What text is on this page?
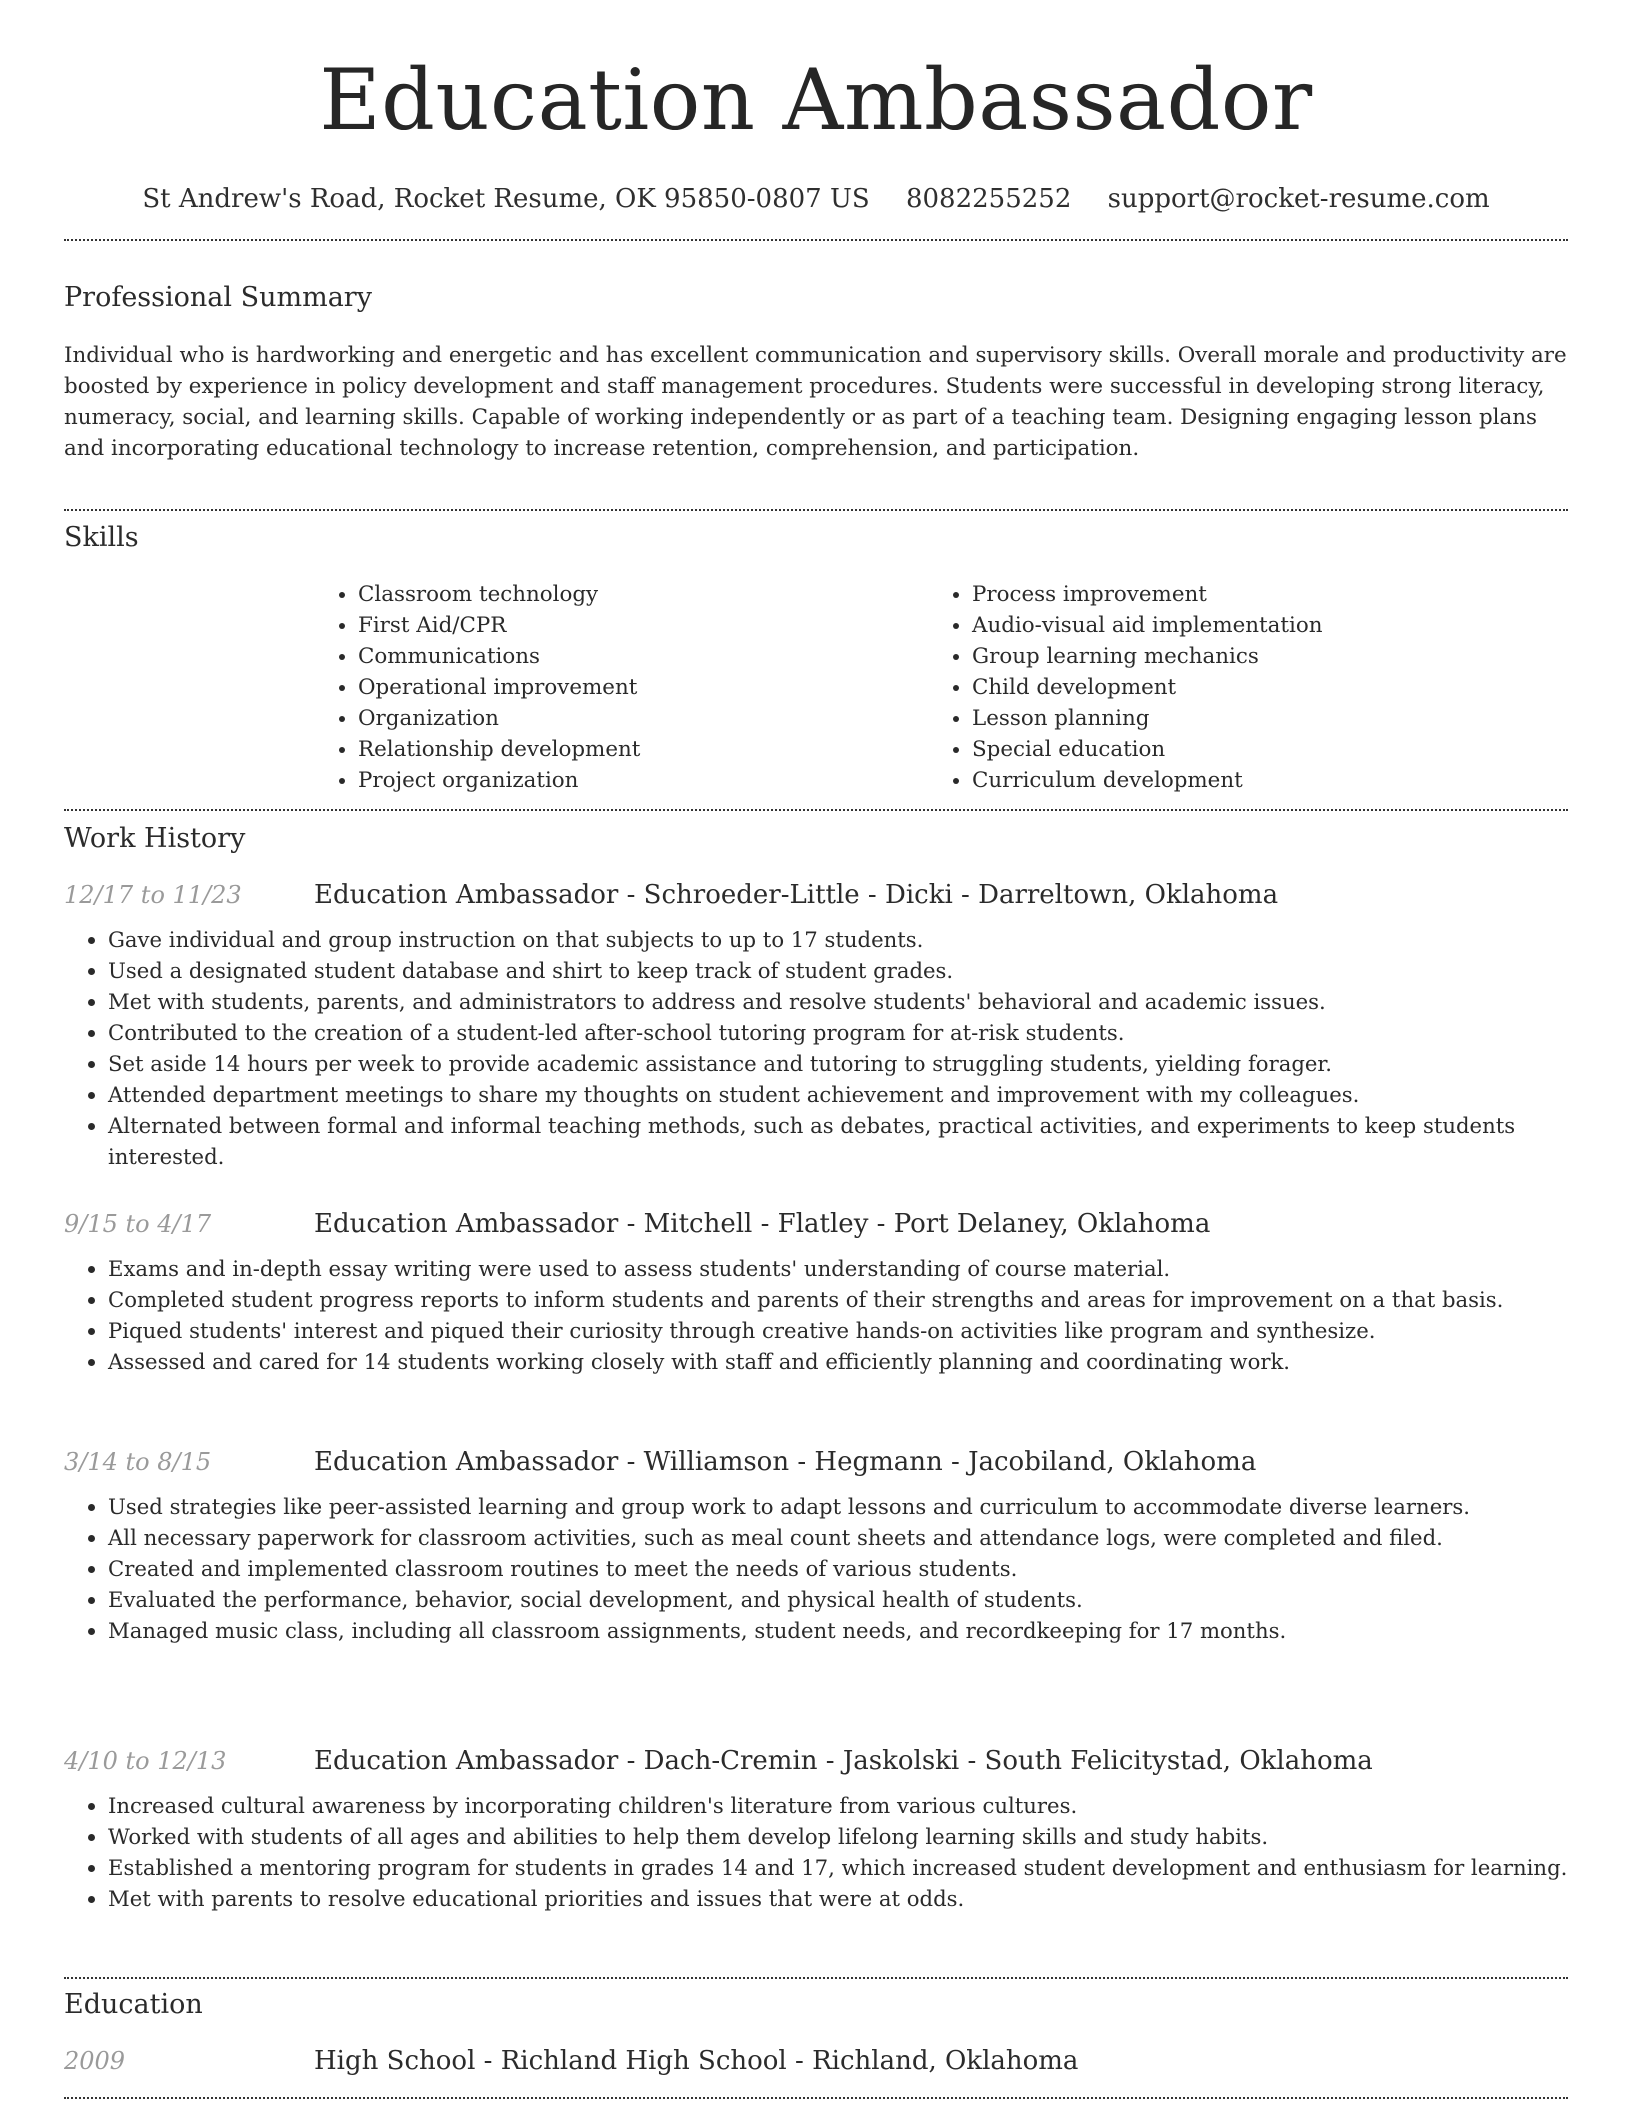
Education Ambassador
St Andrew's Road, Rocket Resume, OK 95850-0807 US 8082255252 support@rocket-resume.com
Professional Summary

Individual who is hardworking and energetic and has excellent communication and supervisory skills. Overall morale and productivity are boosted by experience in policy development and staff management procedures. Students were successful in developing strong literacy, numeracy, social, and learning skills. Capable of working independently or as part of a teaching team. Designing engaging lesson plans and incorporating educational technology to increase retention, comprehension, and participation.

Skills
• Classroom technology
• First Aid/CPR
• Communications
• Operational improvement
• Organization
• Relationship development
• Project organization
• Process improvement
• Audio-visual aid implementation
• Group learning mechanics
• Child development
• Lesson planning
• Special education
• Curriculum development
Work History
12/17 to 11/23	Education Ambassador - Schroeder-Little - Dicki - Darreltown, Oklahoma
• Gave individual and group instruction on that subjects to up to 17 students.
• Used a designated student database and shirt to keep track of student grades.
• Met with students, parents, and administrators to address and resolve students' behavioral and academic issues.
• Contributed to the creation of a student-led after-school tutoring program for at-risk students.
• Set aside 14 hours per week to provide academic assistance and tutoring to struggling students, yielding forager.
• Attended department meetings to share my thoughts on student achievement and improvement with my colleagues.
• Alternated between formal and informal teaching methods, such as debates, practical activities, and experiments to keep students interested.
9/15 to 4/17	Education Ambassador - Mitchell - Flatley - Port Delaney, Oklahoma
• Exams and in-depth essay writing were used to assess students' understanding of course material.
• Completed student progress reports to inform students and parents of their strengths and areas for improvement on a that basis.
• Piqued students' interest and piqued their curiosity through creative hands-on activities like program and synthesize.
• Assessed and cared for 14 students working closely with staff and efficiently planning and coordinating work.
3/14 to 8/15	Education Ambassador - Williamson - Hegmann - Jacobiland, Oklahoma
• Used strategies like peer-assisted learning and group work to adapt lessons and curriculum to accommodate diverse learners.
• All necessary paperwork for classroom activities, such as meal count sheets and attendance logs, were completed and filed.
• Created and implemented classroom routines to meet the needs of various students.
• Evaluated the performance, behavior, social development, and physical health of students.
• Managed music class, including all classroom assignments, student needs, and recordkeeping for 17 months.
4/10 to 12/13	Education Ambassador - Dach-Cremin - Jaskolski - South Felicitystad, Oklahoma
• Increased cultural awareness by incorporating children's literature from various cultures.
• Worked with students of all ages and abilities to help them develop lifelong learning skills and study habits.
• Established a mentoring program for students in grades 14 and 17, which increased student development and enthusiasm for learning.
• Met with parents to resolve educational priorities and issues that were at odds.
Education
2009	High School - Richland High School - Richland, Oklahoma
